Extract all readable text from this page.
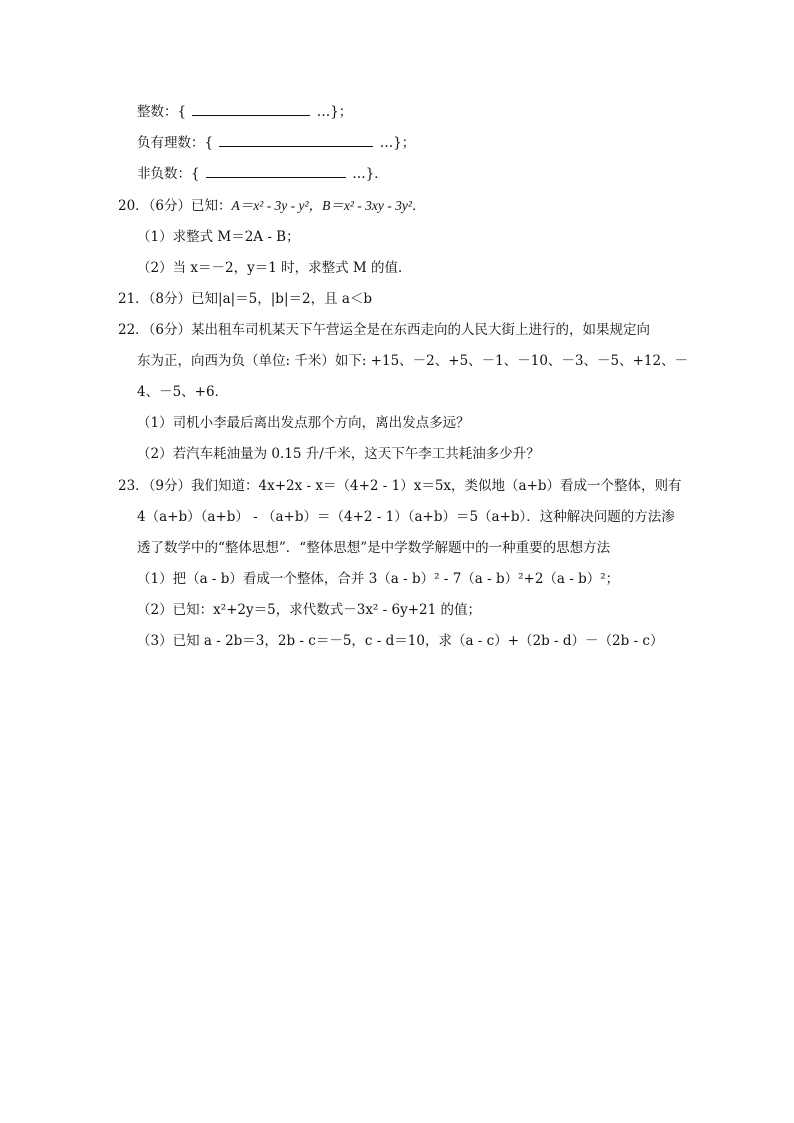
整数：{	…}；
负有理数：{	…}；
非负数：{	…}．
20．（6分）已知：A＝x² - 3y - y²，B＝x² - 3xy - 3y²．
（1）求整式 M＝2A - B；
（2）当 x＝－2，y＝1 时，求整式 M 的值．
21．（8分）已知|a|＝5，|b|＝2，且 a＜b
22．（6分）某出租车司机某天下午营运全是在东西走向的人民大街上进行的，如果规定向
东为正，向西为负（单位: 千米）如下: +15、－2、+5、－1、－10、－3、－5、+12、－
4、－5、+6．
（1）司机小李最后离出发点那个方向，离出发点多远？
（2）若汽车耗油量为 0.15 升/千米，这天下午李工共耗油多少升？
23．（9分）我们知道：4x+2x - x＝（4+2 - 1）x＝5x，类似地（a+b）看成一个整体，则有
4（a+b）（a+b） - （a+b）＝（4+2 - 1）（a+b）＝5（a+b）．这种解决问题的方法渗
透了数学中的“整体思想”．“整体思想”是中学数学解题中的一种重要的思想方法
（1）把（a - b）看成一个整体，合并 3（a - b）² - 7（a - b）²+2（a - b）²；
（2）已知：x²+2y＝5，求代数式－3x² - 6y+21 的值；
（3）已知 a - 2b＝3，2b - c＝－5，c - d＝10，求（a - c）+（2b - d）－（2b - c）
